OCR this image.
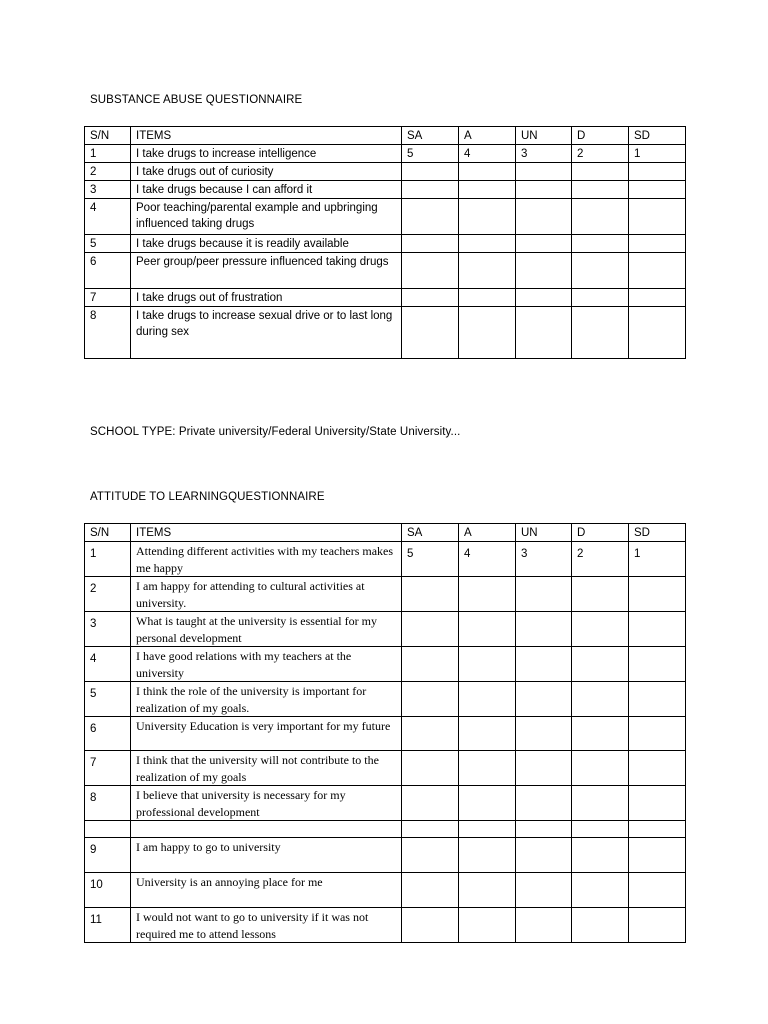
SUBSTANCE ABUSE QUESTIONNAIRE
S/N	ITEMS	SA	A	UN	D	SD
1	I take drugs to increase intelligence	5	4	3	2	1
2	I take drugs out of curiosity					
3	I take drugs because I can afford it					
4	Poor teaching/parental example and upbringing influenced taking drugs					
5	I take drugs because it is readily available					
6	Peer group/peer pressure influenced taking drugs					
7	I take drugs out of frustration					
8	I take drugs to increase sexual drive or to last long during sex					
SCHOOL TYPE: Private university/Federal University/State University...
ATTITUDE TO LEARNINGQUESTIONNAIRE
S/N	ITEMS	SA	A	UN	D	SD
1	Attending different activities with my teachers makes me happy	5	4	3	2	1
2	I am happy for attending to cultural activities at university.					
3	What is taught at the university is essential for my personal development					
4	I have good relations with my teachers at the university					
5	I think the role of the university is important for realization of my goals.					
6	University Education is very important for my future					
7	I think that the university will not contribute to the realization of my goals					
8	I believe that university is necessary for my professional development					

9	I am happy to go to university					
10	University is an annoying place for me					
11	I would not want to go to university if it was not required me to attend lessons					
